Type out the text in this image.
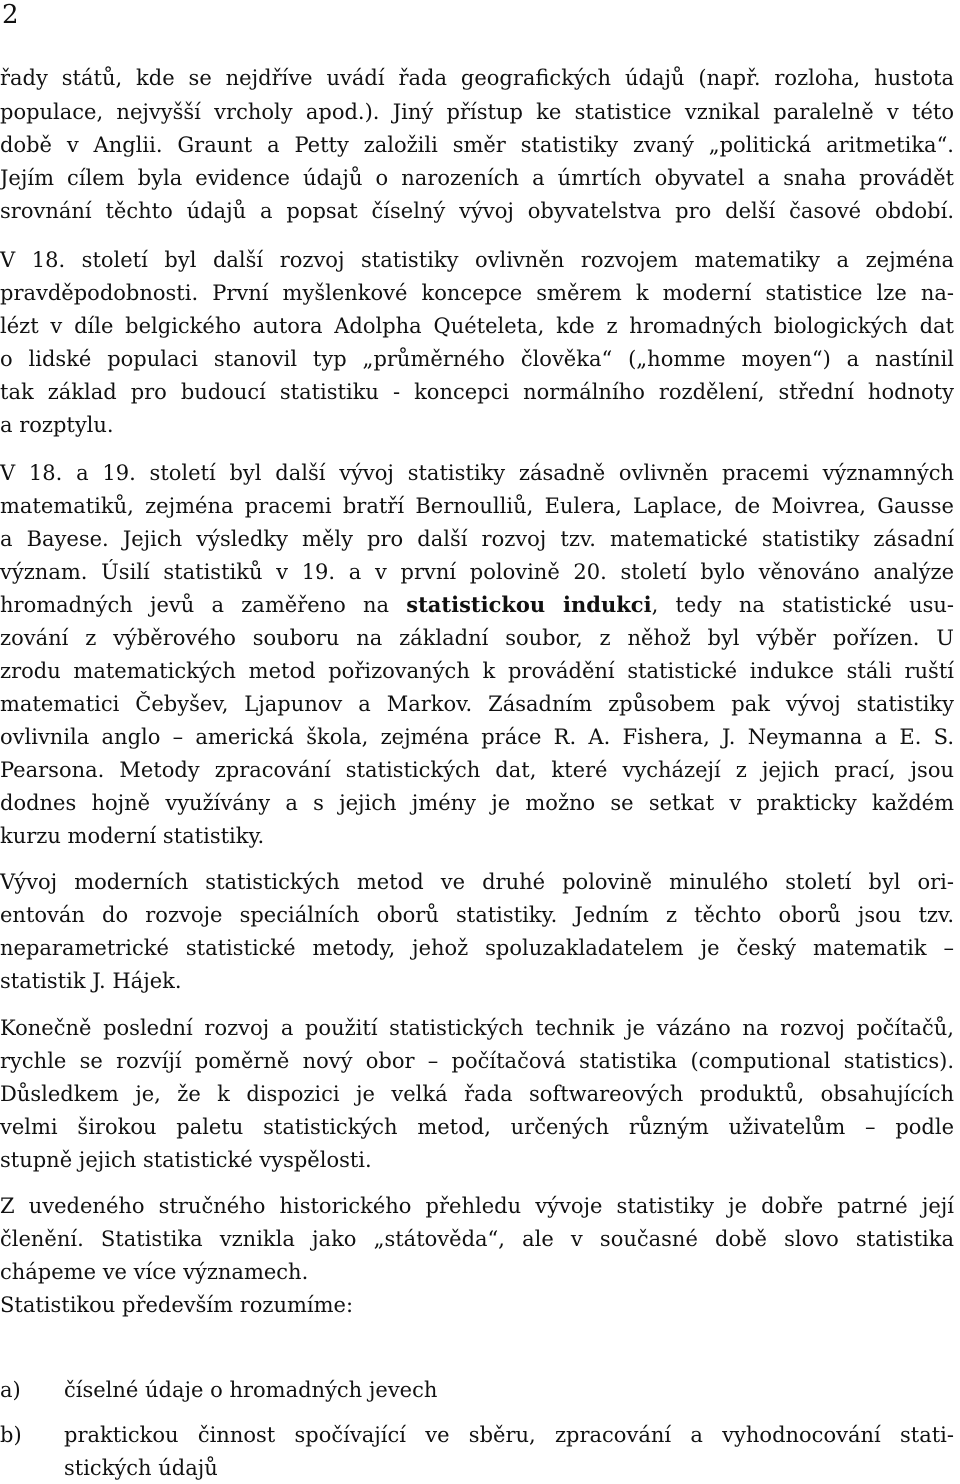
2
řady států, kde se nejdříve uvádí řada geografických údajů (např. rozloha, hustota
populace, nejvyšší vrcholy apod.). Jiný přístup ke statistice vznikal paralelně v této
době v Anglii. Graunt a Petty založili směr statistiky zvaný „politická aritmetika“.
Jejím cílem byla evidence údajů o narozeních a úmrtích obyvatel a snaha provádět
srovnání těchto údajů a popsat číselný vývoj obyvatelstva pro delší časové období.
V 18. století byl další rozvoj statistiky ovlivněn rozvojem matematiky a zejména
pravděpodobnosti. První myšlenkové koncepce směrem k moderní statistice lze na-
lézt v díle belgického autora Adolpha Quételeta, kde z hromadných biologických dat
o lidské populaci stanovil typ „průměrného člověka“ („homme moyen“) a nastínil
tak základ pro budoucí statistiku - koncepci normálního rozdělení, střední hodnoty
a rozptylu.
V 18. a 19. století byl další vývoj statistiky zásadně ovlivněn pracemi významných
matematiků, zejména pracemi bratří Bernoulliů, Eulera, Laplace, de Moivrea, Gausse
a Bayese. Jejich výsledky měly pro další rozvoj tzv. matematické statistiky zásadní
význam. Úsilí statistiků v 19. a v první polovině 20. století bylo věnováno analýze
hromadných jevů a zaměřeno na statistickou indukci, tedy na statistické usu-
zování z výběrového souboru na základní soubor, z něhož byl výběr pořízen. U
zrodu matematických metod pořizovaných k provádění statistické indukce stáli ruští
matematici Čebyšev, Ljapunov a Markov. Zásadním způsobem pak vývoj statistiky
ovlivnila anglo – americká škola, zejména práce R. A. Fishera, J. Neymanna a E. S.
Pearsona. Metody zpracování statistických dat, které vycházejí z jejich prací, jsou
dodnes hojně využívány a s jejich jmény je možno se setkat v prakticky každém
kurzu moderní statistiky.
Vývoj moderních statistických metod ve druhé polovině minulého století byl ori-
entován do rozvoje speciálních oborů statistiky. Jedním z těchto oborů jsou tzv.
neparametrické statistické metody, jehož spoluzakladatelem je český matematik –
statistik J. Hájek.
Konečně poslední rozvoj a použití statistických technik je vázáno na rozvoj počítačů,
rychle se rozvíjí poměrně nový obor – počítačová statistika (computional statistics).
Důsledkem je, že k dispozici je velká řada softwareových produktů, obsahujících
velmi širokou paletu statistických metod, určených různým uživatelům – podle
stupně jejich statistické vyspělosti.
Z uvedeného stručného historického přehledu vývoje statistiky je dobře patrné její
členění. Statistika vznikla jako „státověda“, ale v současné době slovo statistika
chápeme ve více významech.
Statistikou především rozumíme:
a) číselné údaje o hromadných jevech
b) praktickou činnost spočívající ve sběru, zpracování a vyhodnocování stati-
stických údajů
